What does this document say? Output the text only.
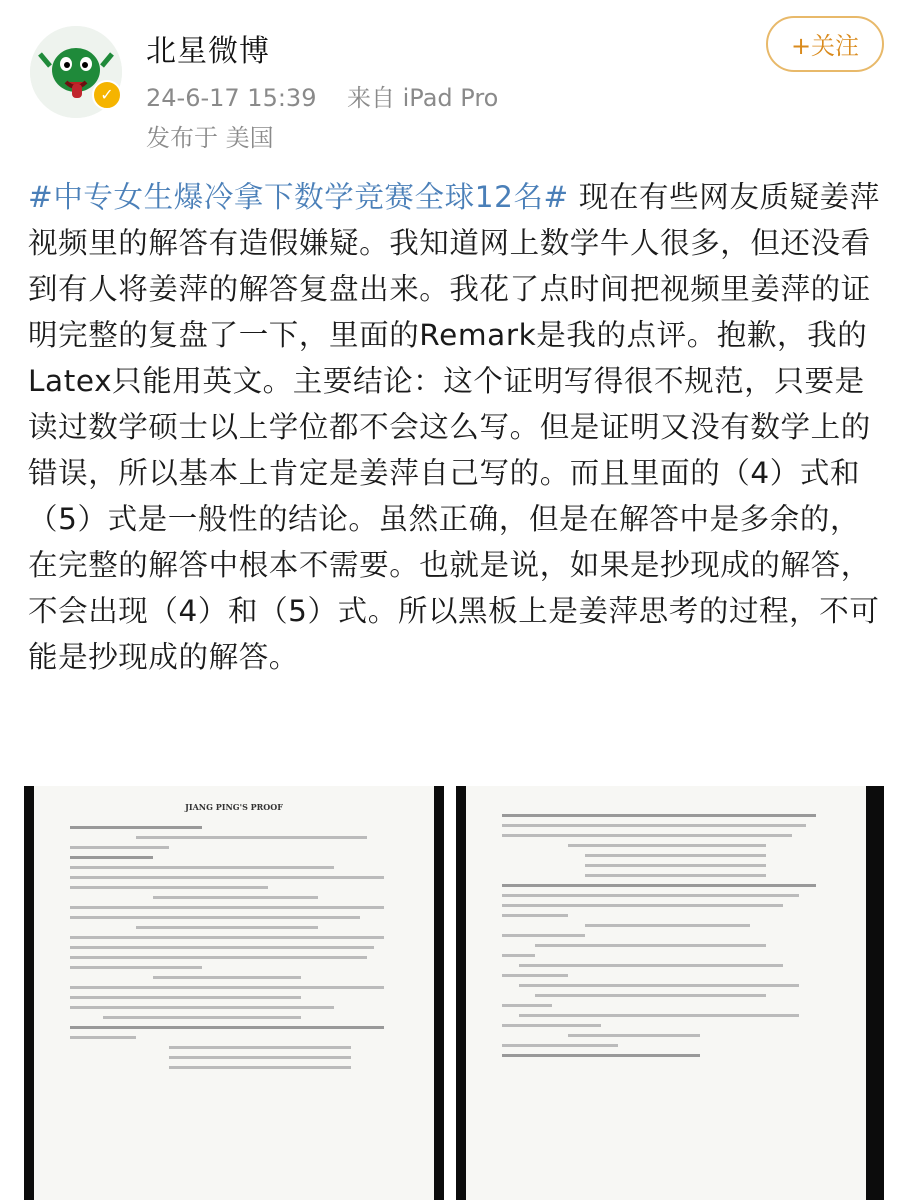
✓
北星微博
24-6-17 15:39 来自 iPad Pro
发布于 美国
+关注
#中专女生爆冷拿下数学竞赛全球12名# 现在有些网友质疑姜萍视频里的解答有造假嫌疑。我知道网上数学牛人很多，但还没看到有人将姜萍的解答复盘出来。我花了点时间把视频里姜萍的证明完整的复盘了一下，里面的Remark是我的点评。抱歉，我的Latex只能用英文。主要结论：这个证明写得很不规范，只要是读过数学硕士以上学位都不会这么写。但是证明又没有数学上的错误，所以基本上肯定是姜萍自己写的。而且里面的（4）式和（5）式是一般性的结论。虽然正确，但是在解答中是多余的，在完整的解答中根本不需要。也就是说，如果是抄现成的解答，不会出现（4）和（5）式。所以黑板上是姜萍思考的过程，不可能是抄现成的解答。
JIANG PING'S PROOF
